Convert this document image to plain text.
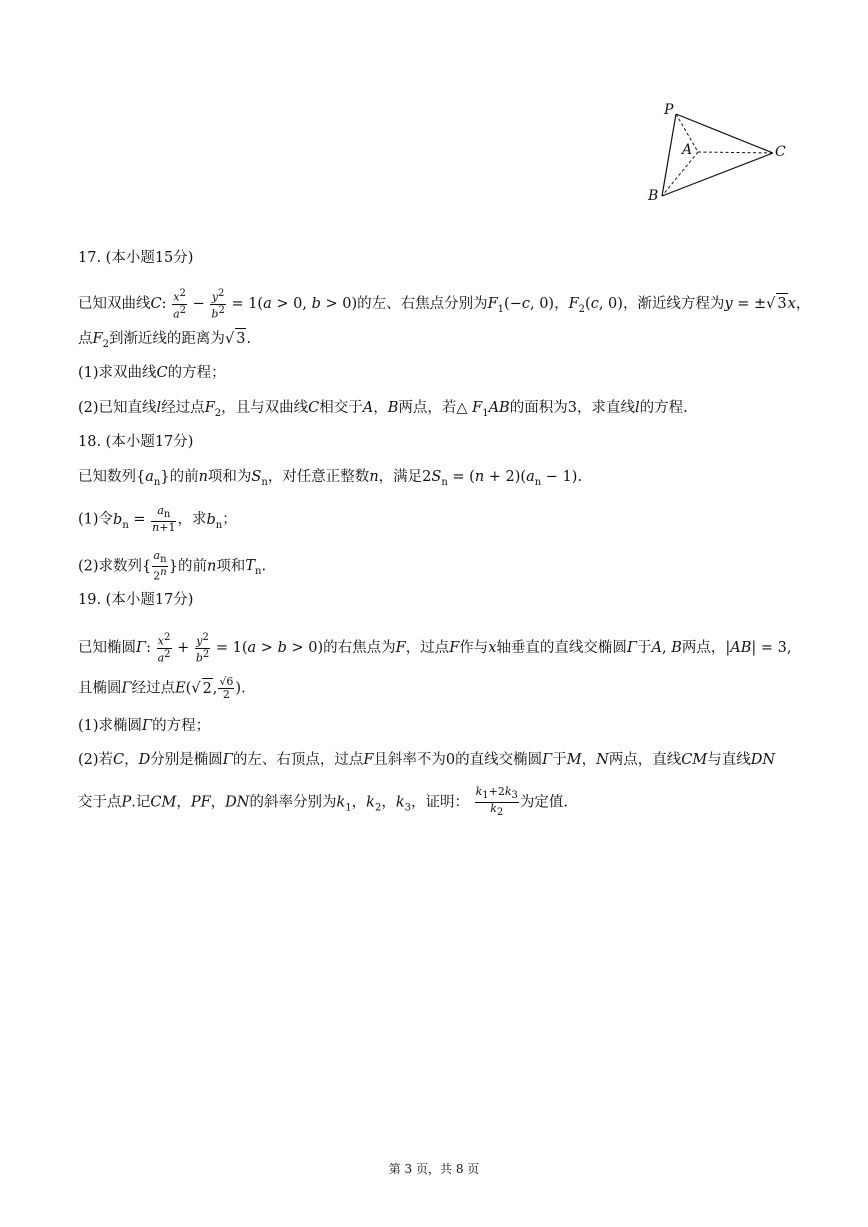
P
A
B
C
17. (本小题15分)
已知双曲线C: $\frac{x^2}{a^2} - \frac{y^2}{b^2} = 1(a > 0$, b > 0)的左、右焦点分别为$F_1(-c$, 0)，$F_2(c$, 0)，渐近线方程为y = ±√ 3x，
点$F_2$到渐近线的距离为√ 3.
(1)求双曲线C的方程；
(2)已知直线l经过点$F_2$，且与双曲线C相交于A，B两点，若△ $F_1AB$的面积为3，求直线l的方程.
18. (本小题17分)
已知数列$\{a_n\}$的前n项和为$S_n$，对任意正整数n，满足$2S_n = (n + 2)(a_n - 1)$.
(1)令$b_n = \frac{a_n}{n+1}$ ，求$b_n$；
(2)求数列{ $\frac{a_n}{2^n}$ }的前n项和$T_n$.
19. (本小题17分)
已知椭圆Γ: $\frac{x^2}{a^2} + \frac{y^2}{b^2} = 1(a > b > 0)$的右焦点为F，过点F作与x轴垂直的直线交椭圆Γ于A, B两点，|AB| = 3,
且椭圆Γ经过点E(√ 2, $\frac{√6}{2}$ ).
(1)求椭圆Γ的方程；
(2)若C，D分别是椭圆Γ的左、右顶点，过点F且斜率不为0的直线交椭圆Γ于M，N两点，直线CM与直线DN
交于点P.记CM，PF，DN的斜率分别为$k_1$，$k_2$，$k_3$，证明： $\frac{k_1+2k_3}{k_2}$ 为定值.
第 3 页，共 8 页
